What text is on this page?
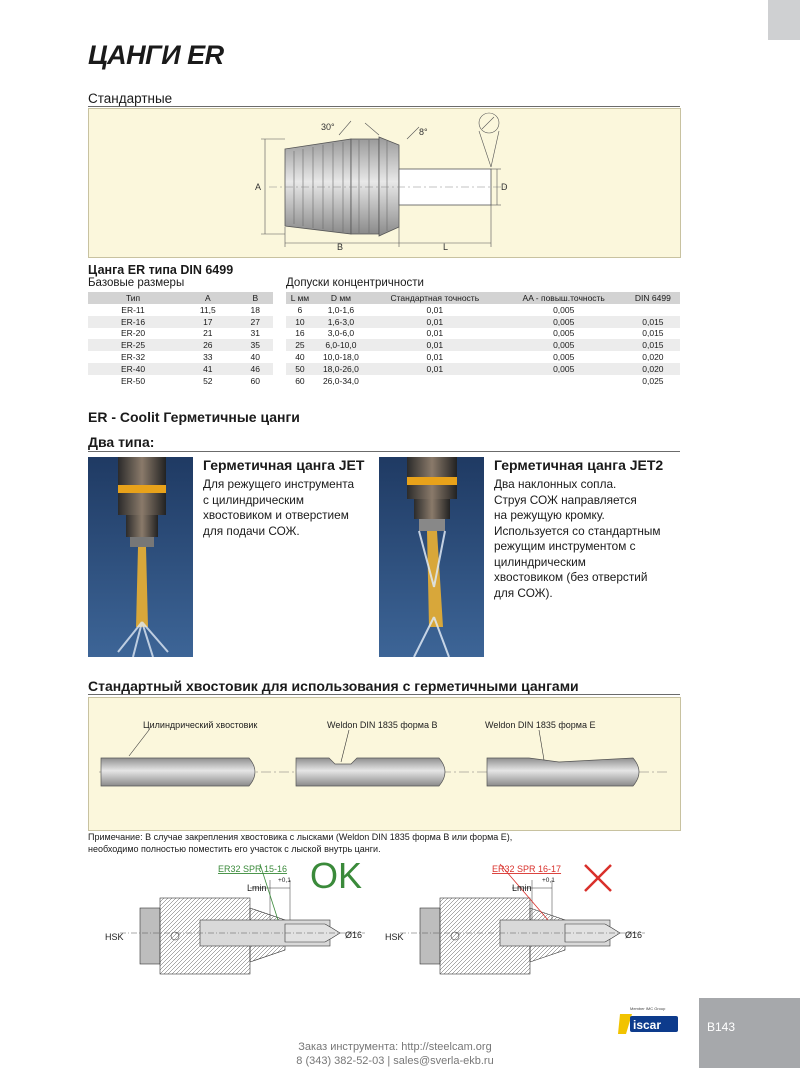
ЦАНГИ ER
Стандартные
30°	8°
A
B	L
D
Цанга ER типа DIN 6499
Базовые размеры	Допуски концентричности
Тип	A	B
ER-11	11,5	18
ER-16	17	27
ER-20	21	31
ER-25	26	35
ER-32	33	40
ER-40	41	46
ER-50	52	60
L мм	D мм	Стандартная точность	AA - повыш.точность	DIN 6499
6	1,0-1,6	0,01	0,005	
10	1,6-3,0	0,01	0,005	0,015
16	3,0-6,0	0,01	0,005	0,015
25	6,0-10,0	0,01	0,005	0,015
40	10,0-18,0	0,01	0,005	0,020
50	18,0-26,0	0,01	0,005	0,020
60	26,0-34,0			0,025
ER - Coolit Герметичные цанги
Два типа:
Герметичная цанга JET
Для режущего инструмента
с цилиндрическим
хвостовиком и отверстием
для подачи СОЖ.
Герметичная цанга JET2
Два наклонных сопла.
Струя СОЖ направляется
на режущую кромку.
Используется со стандартным
режущим инструментом с
цилиндрическим
хвостовиком (без отверстий
для СОЖ).
Стандартный хвостовик для использования с герметичными цангами
Цилиндрический хвостовик	Weldon DIN 1835 форма B	Weldon DIN 1835 форма E
Примечание: В случае закрепления хвостовика с лысками (Weldon DIN 1835 форма B или форма E),
необходимо полностью поместить его участок с лыской внутрь цанги.
ER32 SPR 15-16
+0,1
Lmin
HSK	Ø16
OK	ER32 SPR 16-17
+0,1
Lmin
HSK	Ø16
Member IMC Group
iscar	B143
Заказ инструмента: http://steelcam.org
8 (343) 382-52-03 | sales@sverla-ekb.ru
